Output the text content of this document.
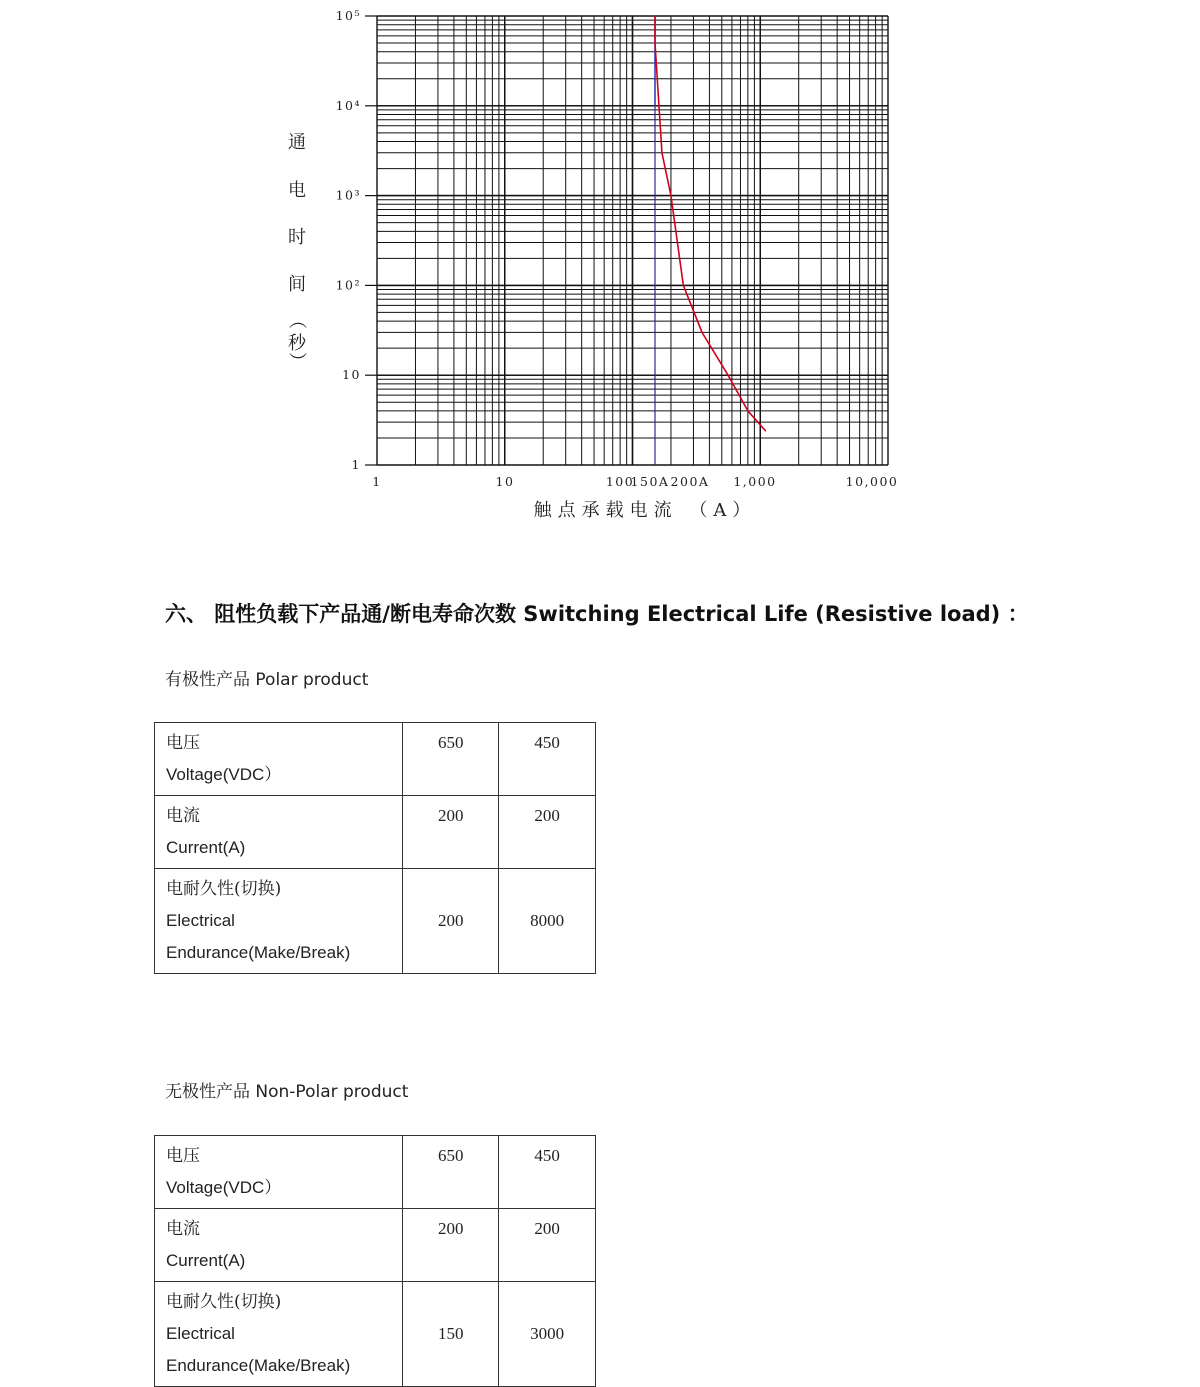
1	10	100
150A 200A 1,000	10,000
1
10
10²
10³
10⁴
10⁵
通
电
时
间
（
秒
）
触点承载电流 （A）
六、 阻性负载下产品通/断电寿命次数 Switching Electrical Life (Resistive load) ：
有极性产品 Polar product
电压
Voltage(VDC）	650	450

电流
Current(A)	200	200

电耐久性(切换)
Electrical
Endurance(Make/Break)	200	8000
无极性产品 Non-Polar product
电压
Voltage(VDC）	650	450

电流
Current(A)	200	200

电耐久性(切换)
Electrical
Endurance(Make/Break)	150	3000
